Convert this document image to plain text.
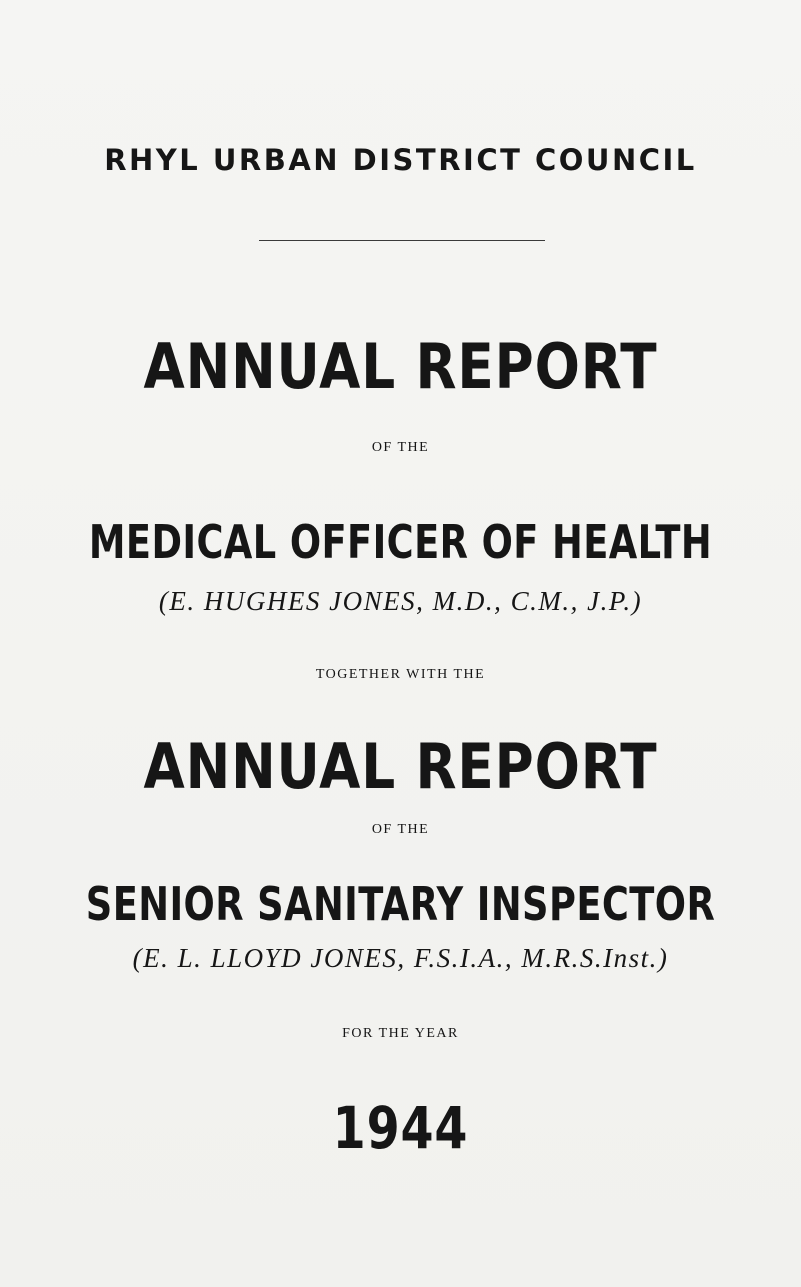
RHYL URBAN DISTRICT COUNCIL

ANNUAL REPORT

OF THE

MEDICAL OFFICER OF HEALTH

(E. HUGHES JONES, M.D., C.M., J.P.)

TOGETHER WITH THE

ANNUAL REPORT

OF THE

SENIOR SANITARY INSPECTOR

(E. L. LLOYD JONES, F.S.I.A., M.R.S.Inst.)

FOR THE YEAR

1944
